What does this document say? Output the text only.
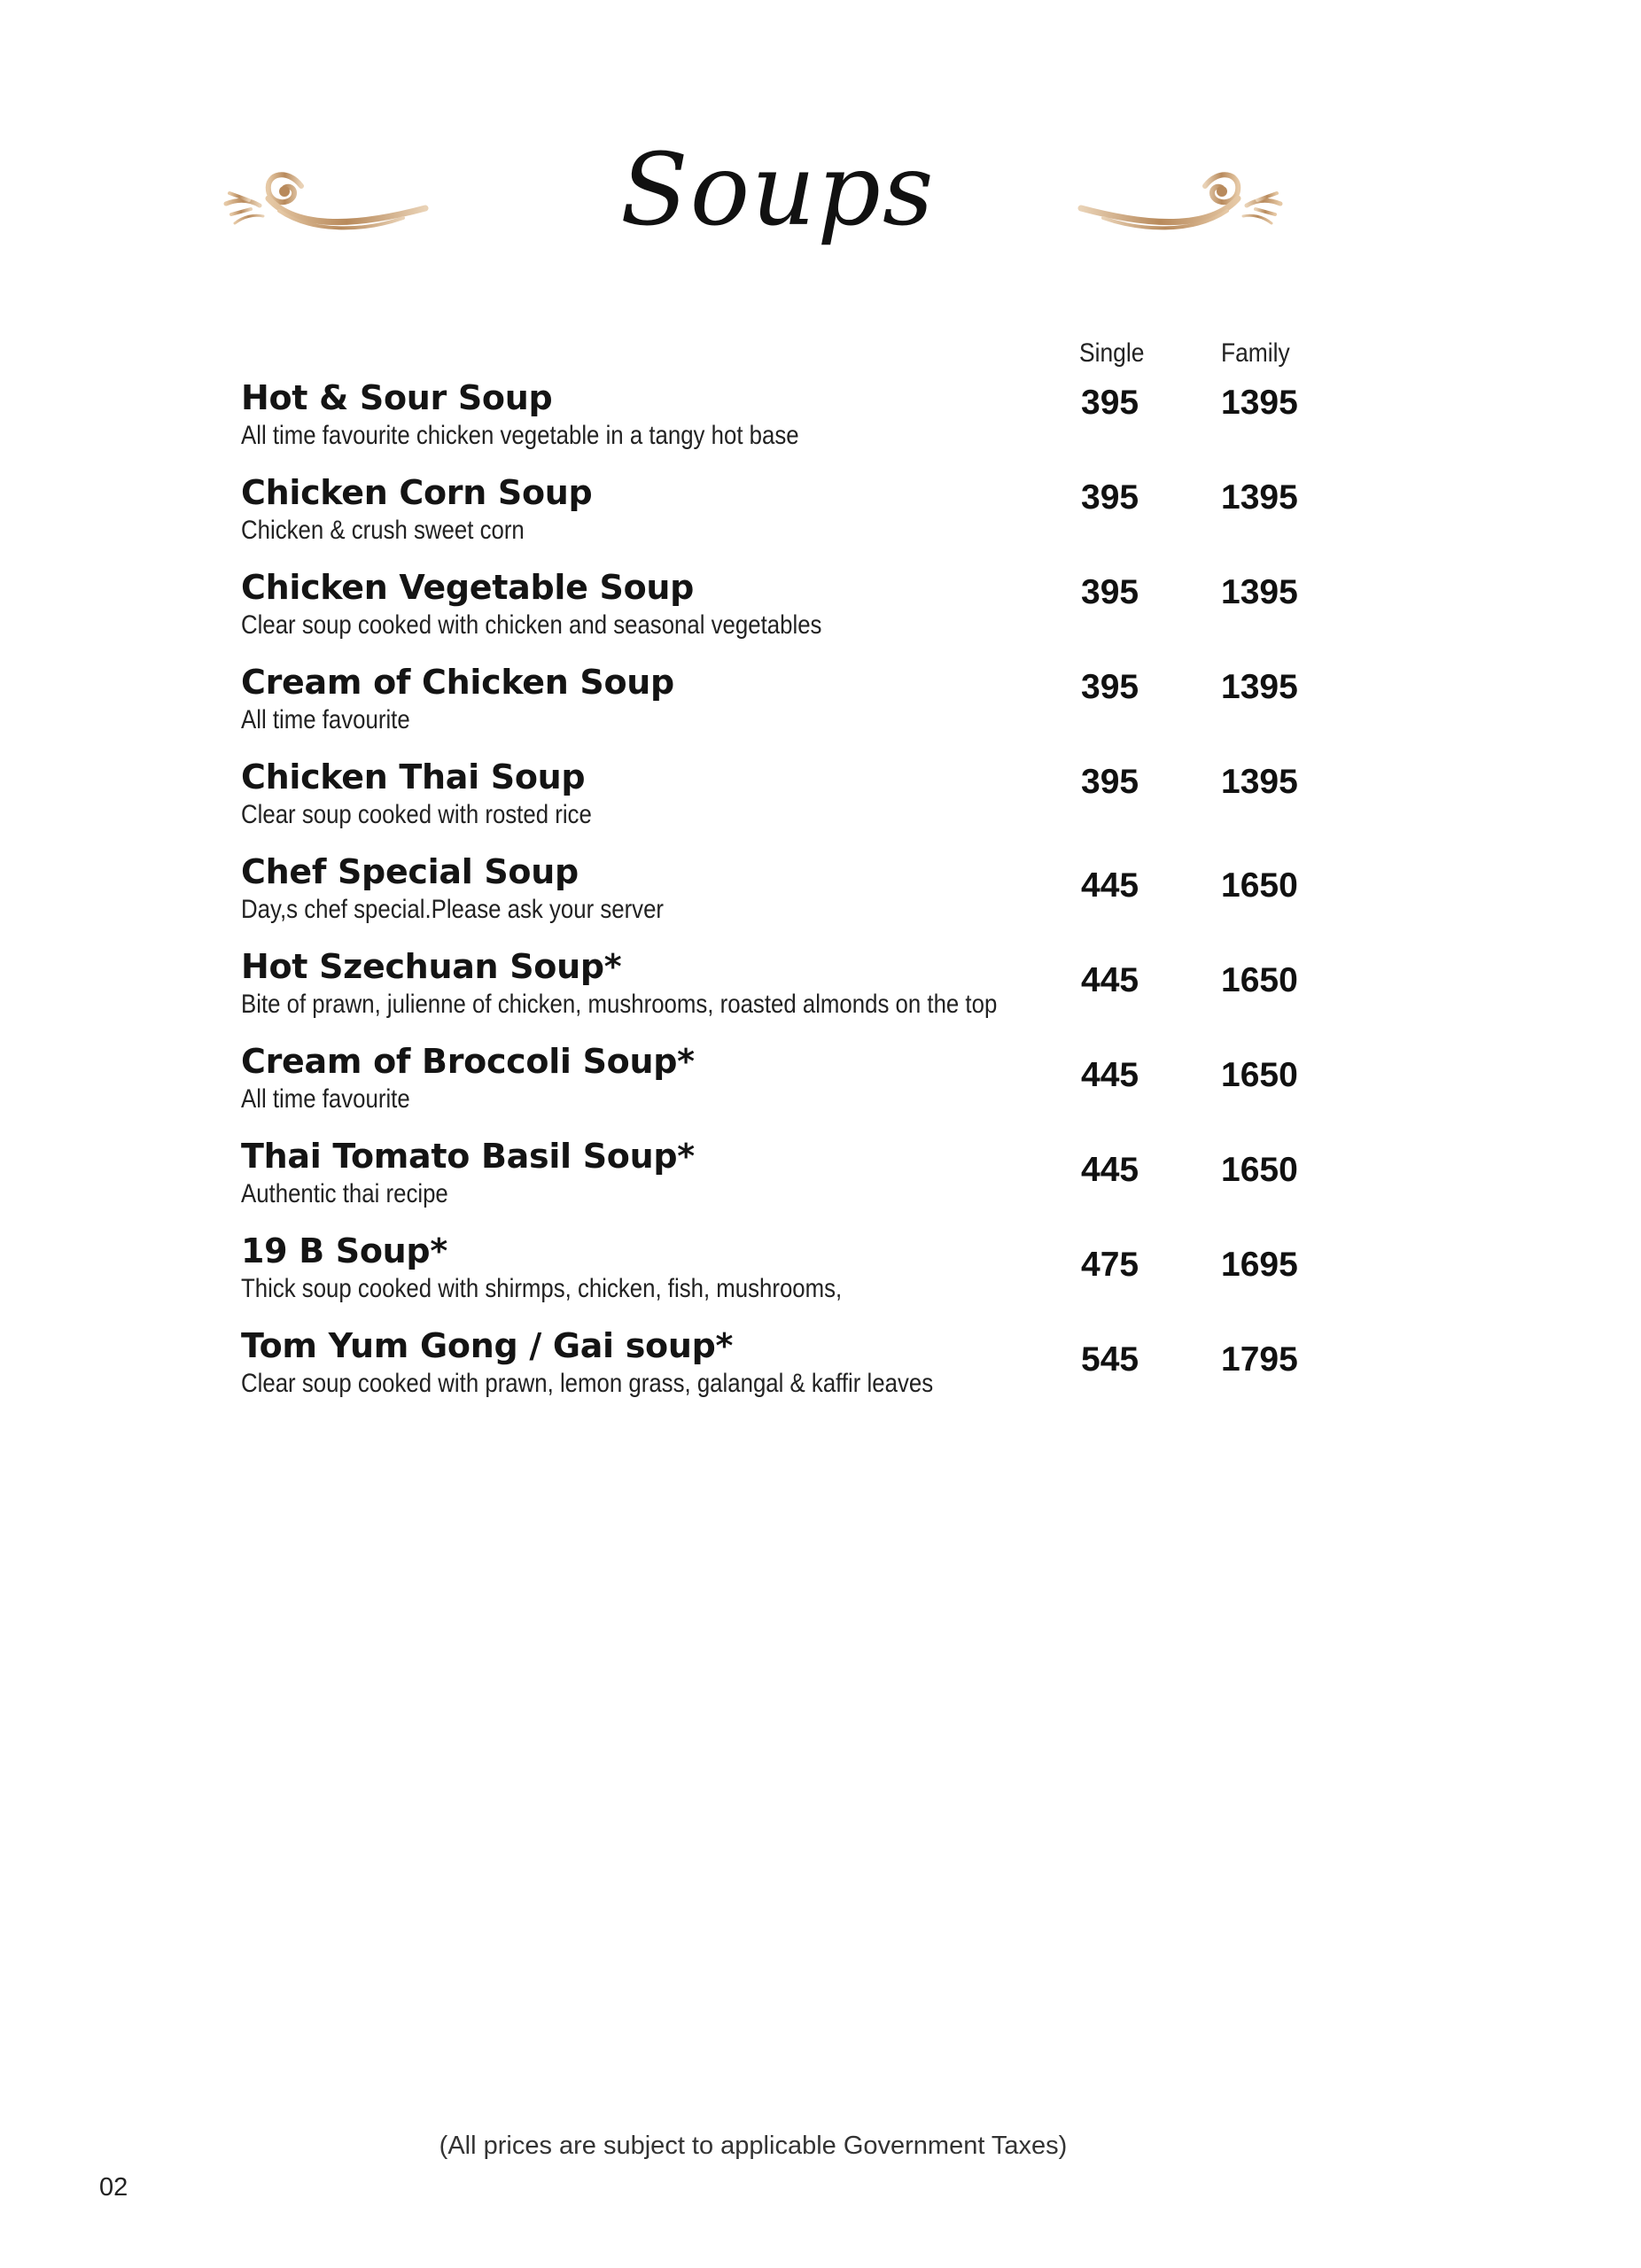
Soups
Single	Family
Hot & Sour Soup
All time favourite chicken vegetable in a tangy hot base
395 1395
Chicken Corn Soup
Chicken & crush sweet corn
395 1395
Chicken Vegetable Soup
Clear soup cooked with chicken and seasonal vegetables
395 1395
Cream of Chicken Soup
All time favourite
395 1395
Chicken Thai Soup
Clear soup cooked with rosted rice
395 1395
Chef Special Soup
Day,s chef special.Please ask your server
445 1650
Hot Szechuan Soup*
Bite of prawn, julienne of chicken, mushrooms, roasted almonds on the top
445 1650
Cream of Broccoli Soup*
All time favourite
445 1650
Thai Tomato Basil Soup*
Authentic thai recipe
445 1650
19 B Soup*
Thick soup cooked with shirmps, chicken, fish, mushrooms,
475 1695
Tom Yum Gong / Gai soup*
Clear soup cooked with prawn, lemon grass, galangal & kaffir leaves
545 1795
(All prices are subject to applicable Government Taxes)
02
